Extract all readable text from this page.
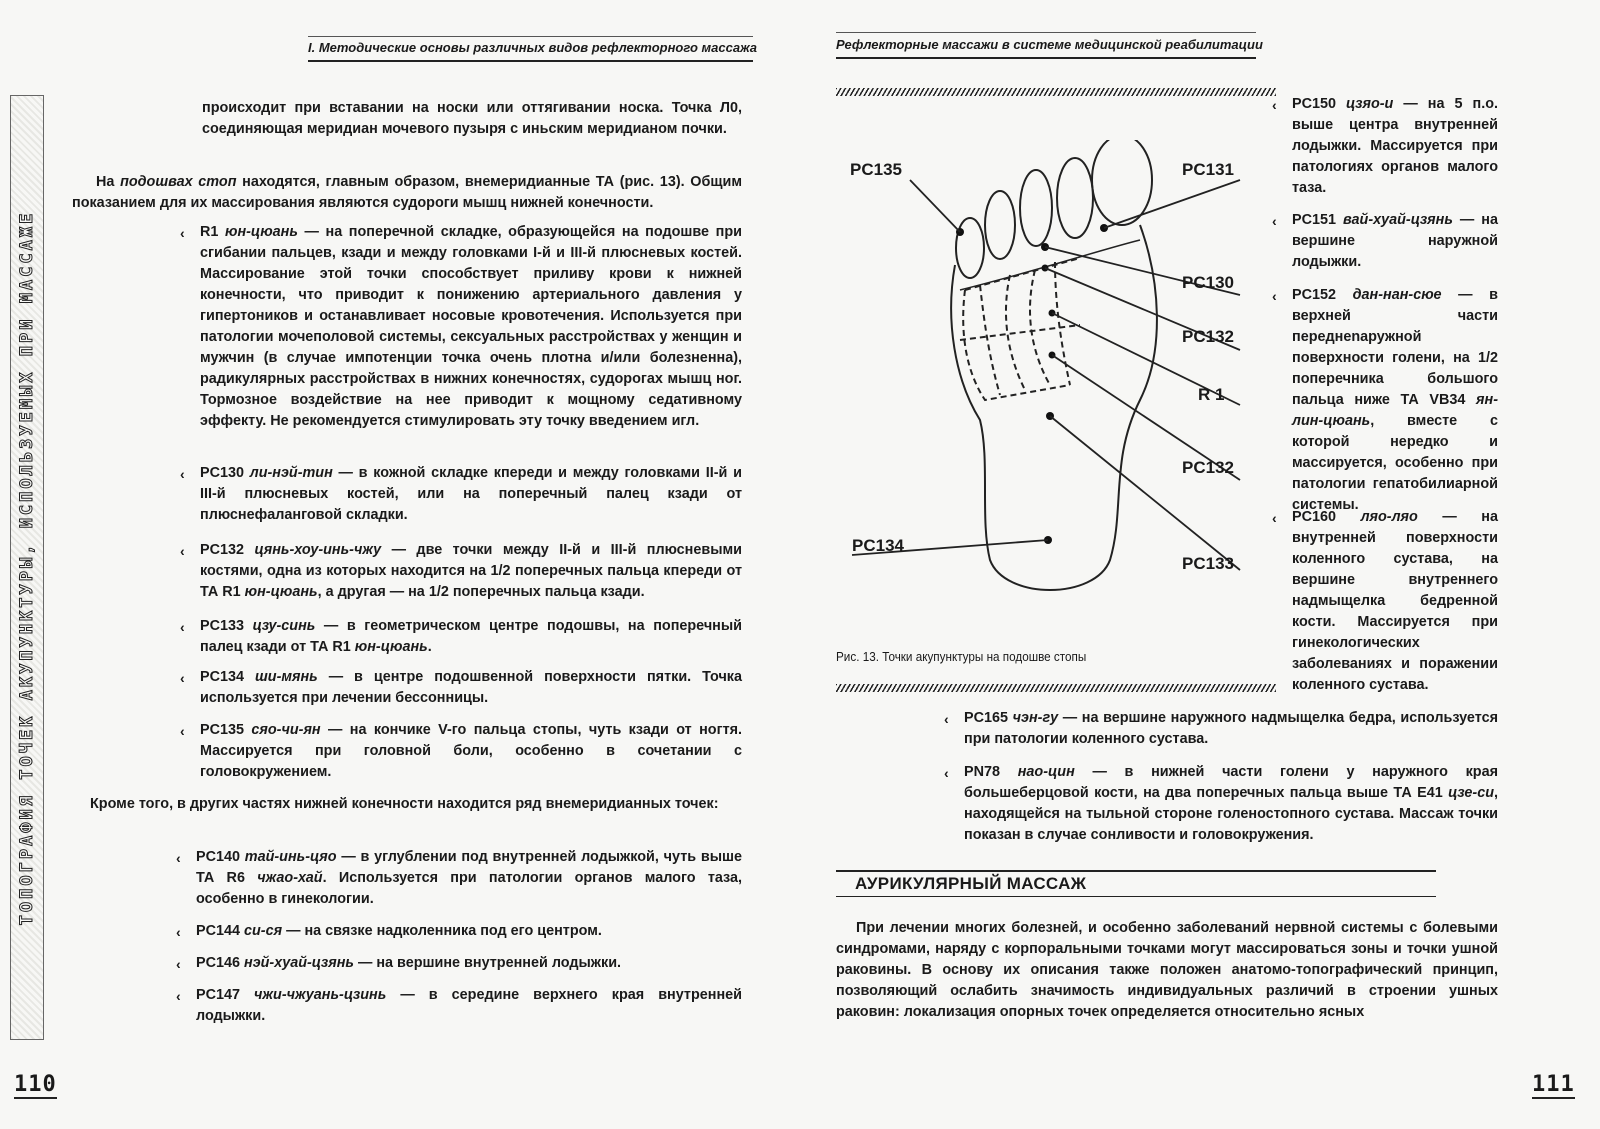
I. Методические основы различных видов рефлекторного массажа
ТОПОГРАФИЯ ТОЧЕК АКУПУНКТУРЫ, ИСПОЛЬЗУЕМЫХ ПРИ МАССАЖЕ
происходит при вставании на носки или оттягивании носка. Точка Л0, соединяющая меридиан мочевого пузыря с иньским меридианом почки.
На подошвах стоп находятся, главным образом, внемеридианные ТА (рис. 13). Общим показанием для их массирования являются судороги мышц нижней конечности.
‹ R1 юн-цюань — на поперечной складке, образующейся на подошве при сгибании пальцев, кзади и между головками I-й и III-й плюсневых костей. Массирование этой точки способствует приливу крови к нижней конечности, что приводит к понижению артериального давления у гипертоников и останавливает носовые кровотечения. Используется при патологии мочеполовой системы, сексуальных расстройствах у женщин и мужчин (в случае импотенции точка очень плотна и/или болезненна), радикулярных расстройствах в нижних конечностях, судорогах мышц ног. Тормозное воздействие на нее приводит к мощному седативному эффекту. Не рекомендуется стимулировать эту точку введением игл.
‹ PC130 ли-нэй-тин — в кожной складке кпереди и между головками II-й и III-й плюсневых костей, или на поперечный палец кзади от плюснефаланговой складки.
‹ PC132 цянь-хоу-инь-чжу — две точки между II-й и III-й плюсневыми костями, одна из которых находится на 1/2 поперечных пальца кпереди от ТА R1 юн-цюань, а другая — на 1/2 поперечных пальца кзади.
‹ PC133 цзу-синь — в геометрическом центре подошвы, на поперечный палец кзади от ТА R1 юн-цюань.
‹ PC134 ши-мянь — в центре подошвенной поверхности пятки. Точка используется при лечении бессонницы.
‹ PC135 сяо-чи-ян — на кончике V-го пальца стопы, чуть кзади от ногтя. Массируется при головной боли, особенно в сочетании с головокружением.
Кроме того, в других частях нижней конечности находится ряд внемеридианных точек:
‹ PC140 тай-инь-цяо — в углублении под внутренней лодыжкой, чуть выше ТА R6 чжао-хай. Используется при патологии органов малого таза, особенно в гинекологии.
‹ PC144 си-ся — на связке надколенника под его центром.
‹ PC146 нэй-хуай-цзянь — на вершине внутренней лодыжки.
‹ PC147 чжи-чжуань-цзинь — в середине верхнего края внутренней лодыжки.
110
Рефлекторные массажи в системе медицинской реабилитации
PC135	PC131
PC130
PC132
R 1
PC132
PC134
PC133
Рис. 13. Точки акупунктуры на подошве стопы
‹ PC150 цзяо-и — на 5 п.о. выше центра внутренней лодыжки. Массируется при патологиях органов малого таза.
‹ PC151 вай-хуай-цзянь — на вершине наружной лодыжки.
‹ PC152 дан-нан-сюе — в верхней части переднenаружной поверхности голени, на 1/2 поперечника большого пальца ниже ТА VB34 ян-лин-цюань, вместе с которой нередко и массируется, особенно при патологии гепатобилиарной системы.
‹ PC160 ляо-ляо — на внутренней поверхности коленного сустава, на вершине внутреннего надмыщелка бедренной кости. Массируется при гинекологических заболеваниях и поражении коленного сустава.
‹ PC165 чэн-гу — на вершине наружного надмыщелка бедра, используется при патологии коленного сустава.
‹ PN78 нао-цин — в нижней части голени у наружного края большеберцовой кости, на два поперечных пальца выше ТА E41 цзе-си, находящейся на тыльной стороне голеностопного сустава. Массаж точки показан в случае сонливости и головокружения.
АУРИКУЛЯРНЫЙ МАССАЖ
При лечении многих болезней, и особенно заболеваний нервной системы с болевыми синдромами, наряду с корпоральными точками могут массироваться зоны и точки ушной раковины. В основу их описания также положен анатомо-топографический принцип, позволяющий ослабить значимость индивидуальных различий в строении ушных раковин: локализация опорных точек определяется относительно ясных
111
